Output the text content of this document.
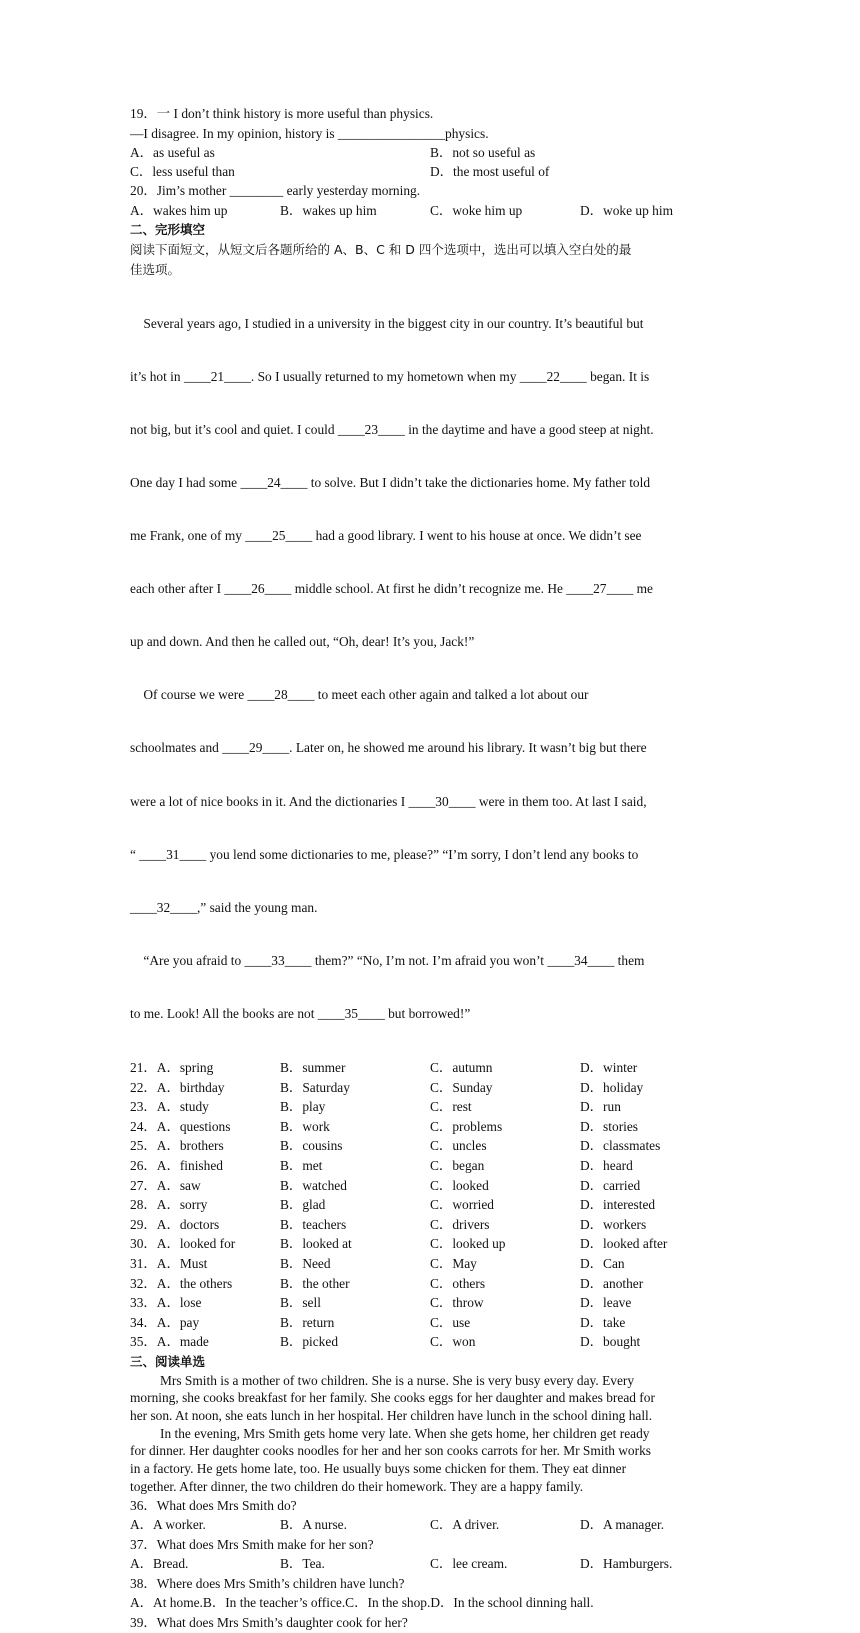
19．一 I don’t think history is more useful than physics.
—I disagree. In my opinion, history is ________________physics.
A．as useful as	B．not so useful as
C．less useful than	D．the most useful of
20．Jim’s mother ________ early yesterday morning.
A．wakes him up	B．wakes up him	C．woke him up	D．woke up him
二、完形填空
阅读下面短文，从短文后各题所给的 A、B、C 和 D 四个选项中，选出可以填入空白处的最
佳选项。

Several years ago, I studied in a university in the biggest city in our country. It’s beautiful but

it’s hot in ____21____. So I usually returned to my hometown when my ____22____ began. It is

not big, but it’s cool and quiet. I could ____23____ in the daytime and have a good steep at night.

One day I had some ____24____ to solve. But I didn’t take the dictionaries home. My father told

me Frank, one of my ____25____ had a good library. I went to his house at once. We didn’t see

each other after I ____26____ middle school. At first he didn’t recognize me. He ____27____ me

up and down. And then he called out, “Oh, dear! It’s you, Jack!”

Of course we were ____28____ to meet each other again and talked a lot about our

schoolmates and ____29____. Later on, he showed me around his library. It wasn’t big but there

were a lot of nice books in it. And the dictionaries I ____30____ were in them too. At last I said,

“ ____31____ you lend some dictionaries to me, please?” “I’m sorry, I don’t lend any books to

____32____,” said the young man.

“Are you afraid to ____33____ them?” “No, I’m not. I’m afraid you won’t ____34____ them

to me. Look! All the books are not ____35____ but borrowed!”

21．A．spring	B．summer	C．autumn	D．winter
22．A．birthday	B．Saturday	C．Sunday	D．holiday
23．A．study	B．play	C．rest	D．run
24．A．questions	B．work	C．problems	D．stories
25．A．brothers	B．cousins	C．uncles	D．classmates
26．A．finished	B．met	C．began	D．heard
27．A．saw	B．watched	C．looked	D．carried
28．A．sorry	B．glad	C．worried	D．interested
29．A．doctors	B．teachers	C．drivers	D．workers
30．A．looked for	B．looked at	C．looked up	D．looked after
31．A．Must	B．Need	C．May	D．Can
32．A．the others	B．the other	C．others	D．another
33．A．lose	B．sell	C．throw	D．leave
34．A．pay	B．return	C．use	D．take
35．A．made	B．picked	C．won	D．bought
三、阅读单选
Mrs Smith is a mother of two children. She is a nurse. She is very busy every day. Every
morning, she cooks breakfast for her family. She cooks eggs for her daughter and makes bread for
her son. At noon, she eats lunch in her hospital. Her children have lunch in the school dining hall.
In the evening, Mrs Smith gets home very late. When she gets home, her children get ready
for dinner. Her daughter cooks noodles for her and her son cooks carrots for her. Mr Smith works
in a factory. He gets home late, too. He usually buys some chicken for them. They eat dinner
together. After dinner, the two children do their homework. They are a happy family.
36．What does Mrs Smith do?
A．A worker.	B．A nurse.	C．A driver.	D．A manager.
37．What does Mrs Smith make for her son?
A．Bread.	B．Tea.	C．lee cream.	D．Hamburgers.
38．Where does Mrs Smith’s children have lunch?
A．At home.B．In the teacher’s office.C．In the shop.D．In the school dinning hall.
39．What does Mrs Smith’s daughter cook for her?
